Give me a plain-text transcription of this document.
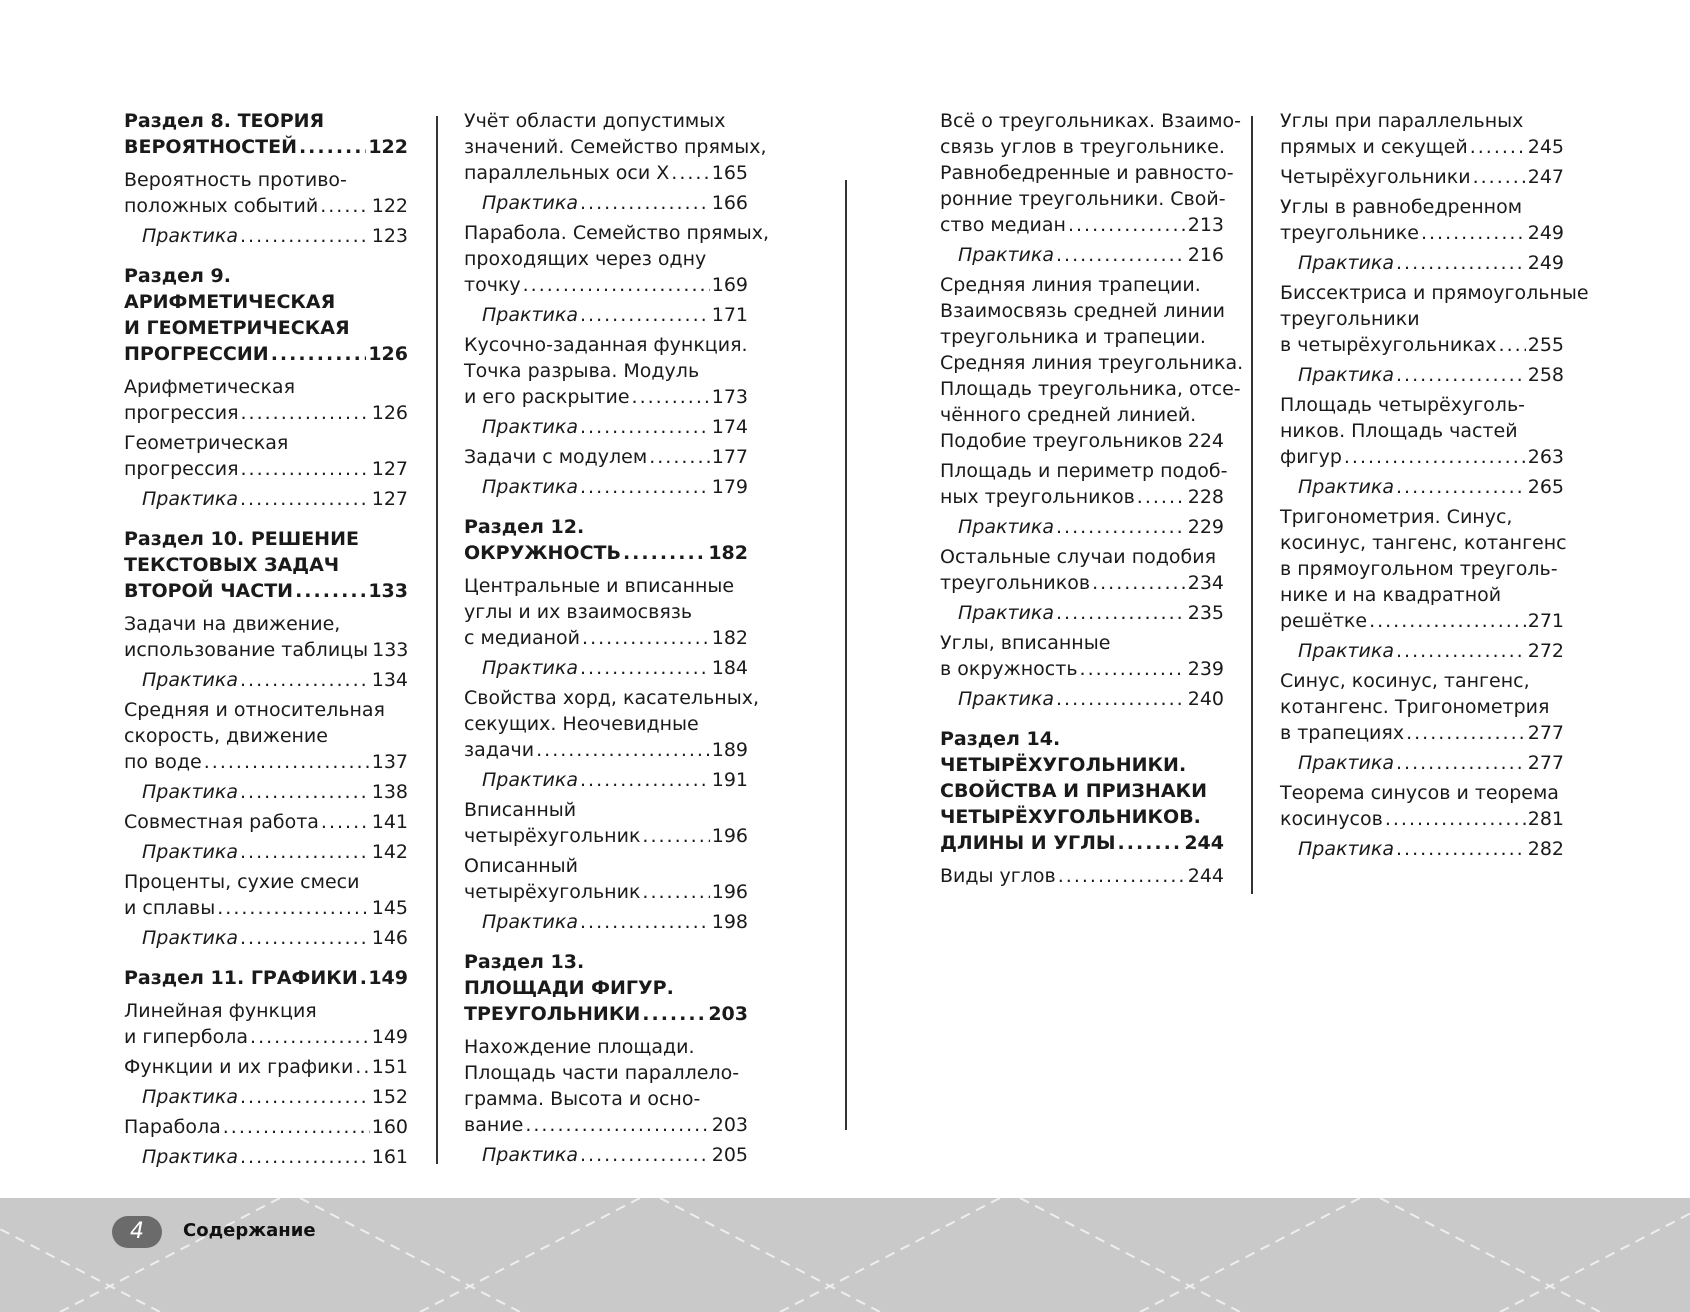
Раздел 8. ТЕОРИЯ
ВЕРОЯТНОСТЕЙ .....	122
Вероятность противо-
положных событий .....	122
Практика .....	123
Раздел 9.
АРИФМЕТИЧЕСКАЯ
И ГЕОМЕТРИЧЕСКАЯ
ПРОГРЕССИИ .....	126
Арифметическая
прогрессия .....	126
Геометрическая
прогрессия .....	127
Практика .....	127
Раздел 10. РЕШЕНИЕ
ТЕКСТОВЫХ ЗАДАЧ
ВТОРОЙ ЧАСТИ .....	133
Задачи на движение,
использование таблицы 133
Практика .....	134
Средняя и относительная
скорость, движение
по воде .....	137
Практика .....	138
Совместная работа .....	141
Практика .....	142
Проценты, сухие смеси
и сплавы .....	145
Практика .....	146
Раздел 11. ГРАФИКИ ..... 149
Линейная функция
и гипербола .....	149
Функции и их графики ..... 151
Практика .....	152
Парабола .....	160
Практика .....	161
Учёт области допустимых
значений. Семейство прямых,
параллельных оси X ..... 165
Практика .....	166
Парабола. Семейство прямых,
проходящих через одну
точку .....	169
Практика .....	171
Кусочно-заданная функция.
Точка разрыва. Модуль
и его раскрытие .....	173
Практика .....	174
Задачи с модулем .....	177
Практика .....	179
Раздел 12.
ОКРУЖНОСТЬ .....	182
Центральные и вписанные
углы и их взаимосвязь
с медианой .....	182
Практика .....	184
Свойства хорд, касательных,
секущих. Неочевидные
задачи .....	189
Практика .....	191
Вписанный
четырёхугольник .....	196
Описанный
четырёхугольник .....	196
Практика .....	198
Раздел 13.
ПЛОЩАДИ ФИГУР.
ТРЕУГОЛЬНИКИ .....	203
Нахождение площади.
Площадь части параллело-
грамма. Высота и осно-
вание .....	203
Практика .....	205
Всё о треугольниках. Взаимо-
связь углов в треугольнике.
Равнобедренные и равносто-
ронние треугольники. Свой-
ство медиан .....	213
Практика .....	216
Средняя линия трапеции.
Взаимосвязь средней линии
треугольника и трапеции.
Средняя линия треугольника.
Площадь треугольника, отсе-
чённого средней линией.
Подобие треугольников ..... 224
Площадь и периметр подоб-
ных треугольников .....	228
Практика .....	229
Остальные случаи подобия
треугольников .....	234
Практика .....	235
Углы, вписанные
в окружность .....	239
Практика .....	240
Раздел 14.
ЧЕТЫРЁХУГОЛЬНИКИ.
СВОЙСТВА И ПРИЗНАКИ
ЧЕТЫРЁХУГОЛЬНИКОВ.
ДЛИНЫ И УГЛЫ .....	244
Виды углов .....	244
Углы при параллельных
прямых и секущей .....	245
Четырёхугольники .....	247
Углы в равнобедренном
треугольнике .....	249
Практика .....	249
Биссектриса и прямоугольные
треугольники
в четырёхугольниках ..... 255
Практика .....	258
Площадь четырёхуголь-
ников. Площадь частей
фигур .....	263
Практика .....	265
Тригонометрия. Синус,
косинус, тангенс, котангенс
в прямоугольном треуголь-
нике и на квадратной
решётке .....	271
Практика .....	272
Синус, косинус, тангенс,
котангенс. Тригонометрия
в трапециях .....	277
Практика .....	277
Теорема синусов и теорема
косинусов .....	281
Практика .....	282
4	Содержание
